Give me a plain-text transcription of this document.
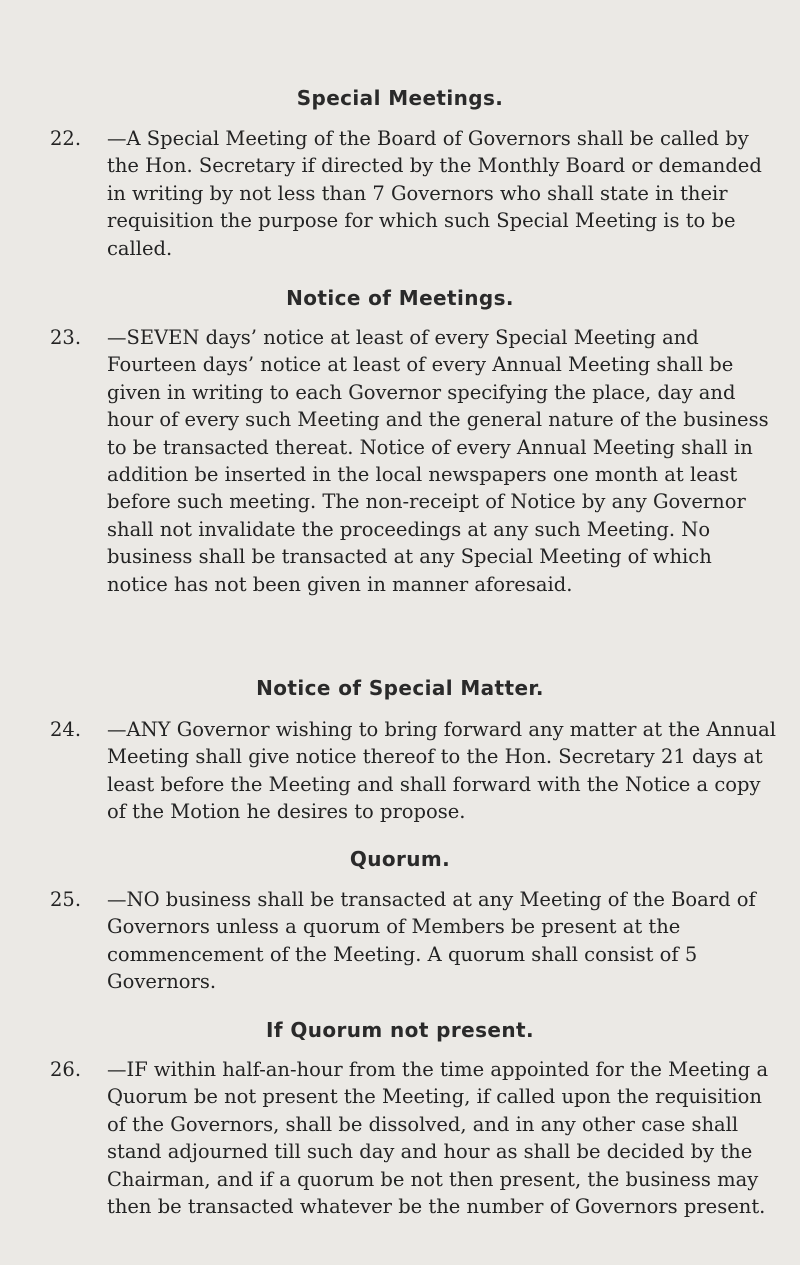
Special Meetings.
22. —A Special Meeting of the Board of Governors shall be called by the Hon. Secretary if directed by the Monthly Board or demanded in writing by not less than 7 Governors who shall state in their requisition the purpose for which such Special Meeting is to be called.
Notice of Meetings.
23. —SEVEN days’ notice at least of every Special Meeting and Fourteen days’ notice at least of every Annual Meeting shall be given in writing to each Governor specifying the place, day and hour of every such Meeting and the general nature of the business to be transacted thereat. Notice of every Annual Meeting shall in addition be inserted in the local newspapers one month at least before such meeting. The non-receipt of Notice by any Governor shall not invalidate the proceedings at any such Meeting. No business shall be transacted at any Special Meeting of which notice has not been given in manner aforesaid.
Notice of Special Matter.
24. —ANY Governor wishing to bring forward any matter at the Annual Meeting shall give notice thereof to the Hon. Secretary 21 days at least before the Meeting and shall forward with the Notice a copy of the Motion he desires to propose.
Quorum.
25. —NO business shall be transacted at any Meeting of the Board of Governors unless a quorum of Members be present at the commencement of the Meeting. A quorum shall consist of 5 Governors.
If Quorum not present.
26. —IF within half-an-hour from the time appointed for the Meeting a Quorum be not present the Meeting, if called upon the requisition of the Governors, shall be dissolved, and in any other case shall stand adjourned till such day and hour as shall be decided by the Chairman, and if a quorum be not then present, the business may then be transacted whatever be the number of Governors present.
